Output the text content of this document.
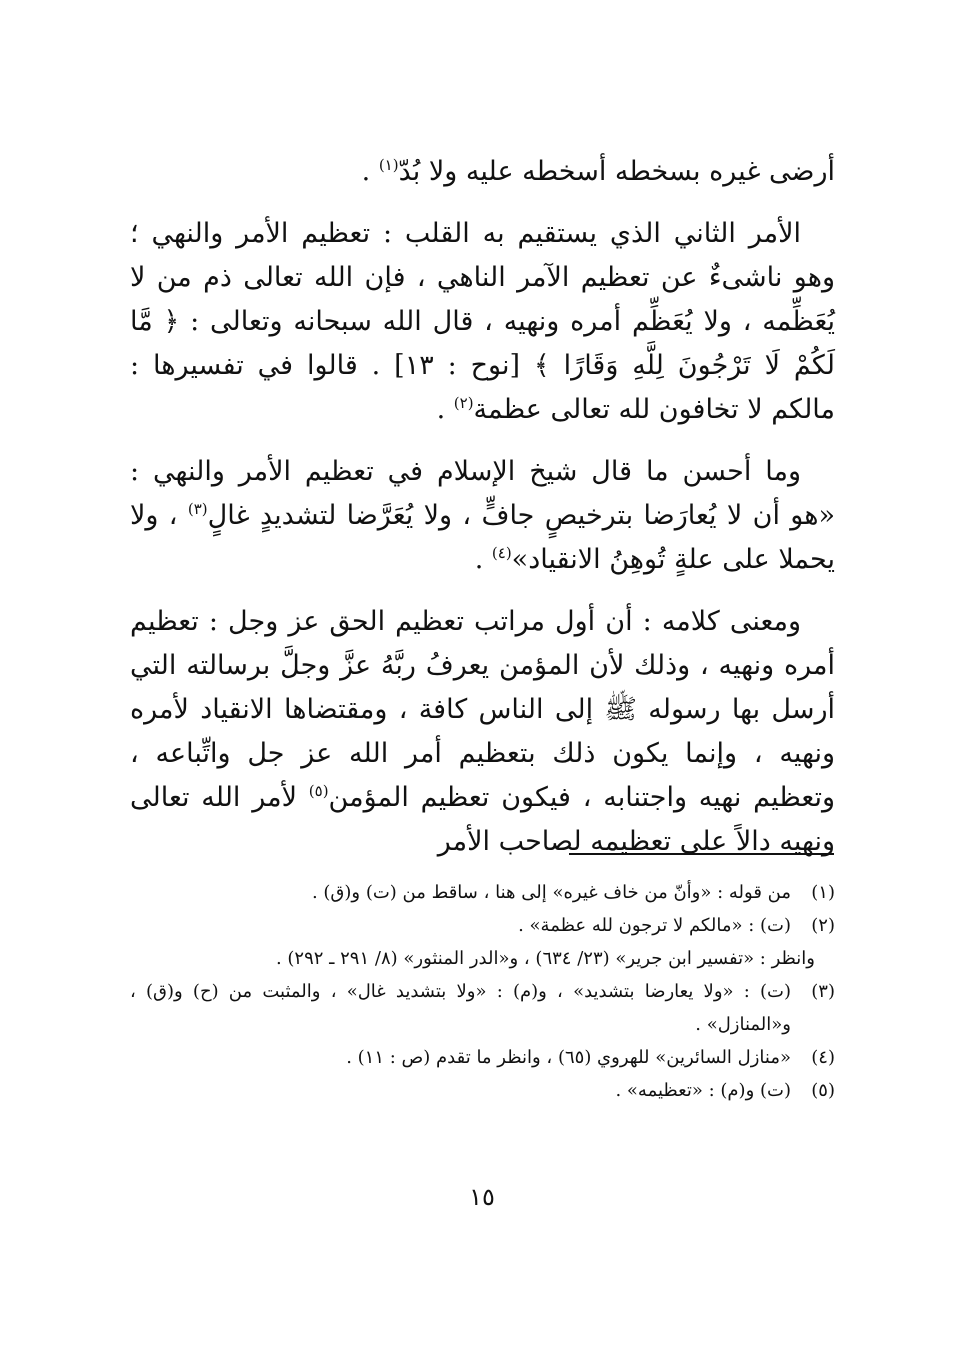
أرضى غيره بسخطه أسخطه عليه ولا بُدّ$^{(١)}$ .

الأمر الثاني الذي يستقيم به القلب : تعظيم الأمر والنهي ؛ وهو ناشىءٌ عن تعظيم الآمر الناهي ، فإن الله تعالى ذم من لا يُعَظِّمه ، ولا يُعَظِّم أمره ونهيه ، قال الله سبحانه وتعالى : ﴿ مَّا لَكُمْ لَا تَرْجُونَ لِلَّهِ وَقَارًا ﴾ [نوح : ١٣] . قالوا في تفسيرها : مالكم لا تخافون لله تعالى عظمة$^{(٢)}$ .

وما أحسن ما قال شيخ الإسلام في تعظيم الأمر والنهي : «هو أن لا يُعارَضا بترخيصٍ جافٍّ ، ولا يُعَرَّضا لتشديدٍ غالٍ$^{(٣)}$ ، ولا يحملا على علةٍ تُوهِنُ الانقياد»$^{(٤)}$ .

ومعنى كلامه : أن أول مراتب تعظيم الحق عز وجل : تعظيم أمره ونهيه ، وذلك لأن المؤمن يعرفُ ربَّهُ عزَّ وجلَّ برسالته التي أرسل بها رسوله ﷺ إلى الناس كافة ، ومقتضاها الانقياد لأمره ونهيه ، وإنما يكون ذلك بتعظيم أمر الله عز جل واتِّباعه ، وتعظيم نهيه واجتنابه ، فيكون تعظيم المؤمن$^{(٥)}$ لأمر الله تعالى ونهيه دالاً على تعظيمه لصاحب الأمر

(١)
من قوله : «وأنّ من خاف غيره» إلى هنا ، ساقط من (ت) و(ق) .
(٢)
(ت) : «مالكم لا ترجون لله عظمة» .
وانظر : «تفسير ابن جرير» (٢٣/ ٦٣٤) ، و«الدر المنثور» (٨/ ٢٩١ ـ ٢٩٢) .
(٣)
(ت) : «ولا يعارضا بتشديد» ، و(م) : «ولا بتشديد غال» ، والمثبت من (ح) و(ق) ، و«المنازل» .
(٤)
«منازل السائرين» للهروي (٦٥) ، وانظر ما تقدم (ص : ١١) .
(٥)
(ت) و(م) : «تعظيمه» .
١٥
